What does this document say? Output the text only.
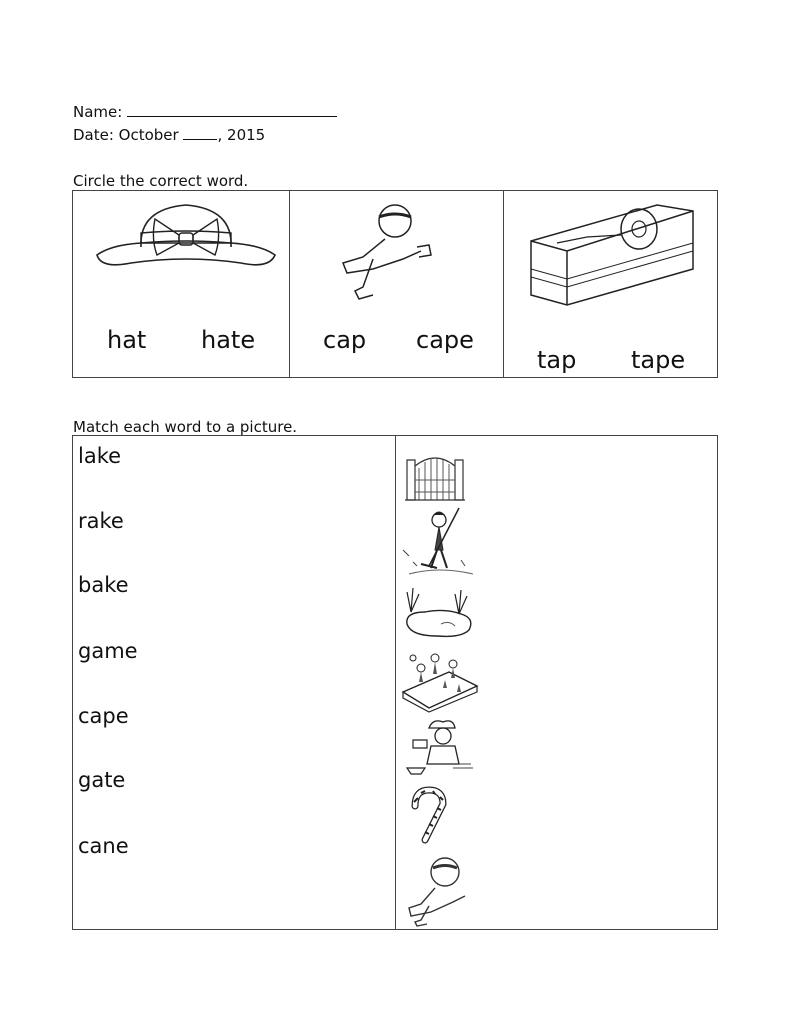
Name:
Date: October	, 2015
Circle the correct word.
hat hate	cap cape
tap tape
Match each word to a picture.
lake
rake
bake
game
cape
gate
cane
